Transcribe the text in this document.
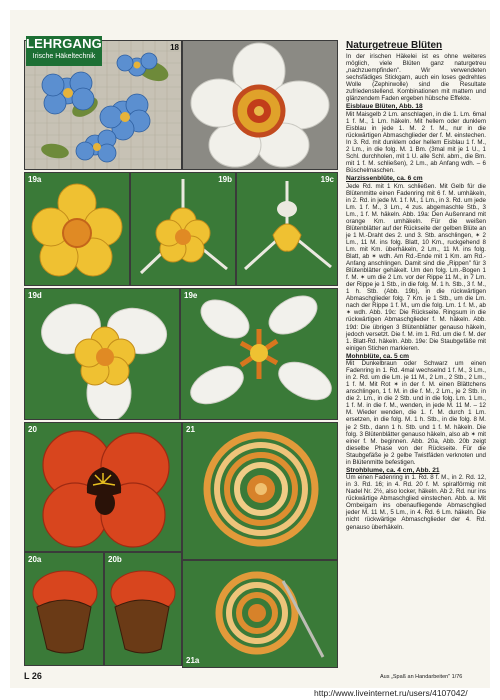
LEHRGANG
Irische Häkeltechnik
18
19a	19b	19c
19d	19e
20	21
20a	20b
21a
Naturgetreue Blüten

In der irischen Häkelei ist es ohne weiteres möglich, viele Blüten ganz naturgetreu „nachzuempfinden". Wir verwendeten sechsfädiges Stickgarn, auch ein loses gedrehtes Wolle (Zephirwolle) sind die Resultate zufriedenstellend. Kombinationen mit mattem und glänzendem Faden ergeben hübsche Effekte.

Eisblaue Blüten, Abb. 18

Mit Maisgelb 2 Lm. anschlagen, in die 1. Lm. 6mal 1 f. M., 1 Lm. häkeln. Mit hellem oder dunklem Eisblau in jede 1. M. 2 f. M., nur in die rückwärtigen Abmaschglieder der f. M. einstechen. In 3. Rd. mit dunklem oder hellem Eisblau 1 f. M., 2 Lm., in die folg. M. 1 Bm. (3mal mit je 1 U., 1 Schl. durchholen, mit 1 U. alle Schl. abm., die Bm. mit 1 f. M. schließen), 2 Lm., ab Anfang wdh. – 6 Büschelmaschen.

Narzissenblüte, ca. 6 cm

Jede Rd. mit 1 Km. schließen. Mit Gelb für die Blütenmitte einen Fadenring mit 6 f. M. umhäkeln, in 2. Rd. in jede M. 1 f. M., 1 Lm., in 3. Rd. um jede Lm. 1 f. M., 3 Lm., 4 zus. abgemaschte Stb., 3 Lm., 1 f. M. häkeln. Abb. 19a: Den Außenrand mit orange Km. umhäkeln. Für die weißen Blütenblätter auf der Rückseite der gelben Blüte an je 1 M.-Draht des 2. und 3. Stb. anschlingen, ✶ 2 Lm., 11 M. ins folg. Blatt, 10 Km., ruckgehend 8 Lm. mit Km. überhäkeln, 2 Lm., 11 M. ins folg. Blatt, ab ✶ wdh. Am Rd.-Ende mit 1 Km. am Rd.-Anfang anschlingen. Damit sind die „Rippen" für 3 Blütenblätter gehäkelt. Um den folg. Lm.-Bogen 1 f. M. ✶ um die 2 Lm. vor der Rippe 11 M., in 7 Lm. der Rippe je 1 Stb., in die folg. M. 1 h. Stb., 3 f. M., 1 h. Stb. (Abb. 19b), in die rückwärtigen Abmaschglieder folg. 7 Km. je 1 Stb., um die Lm. nach der Rippe 1 f. M., um die folg. Lm. 1 f. M., ab ✶ wdh. Abb. 19c: Die Rückseite. Ringsum in die rückwärtigen Abmaschglieder f. M. häkeln. Abb. 19d: Die übrigen 3 Blütenblätter genauso häkeln, jedoch versetzt. Die f. M. im 1. Rd. um die f. M. der 1. Blatt-Rd. häkeln. Abb. 19e: Die Staubgefäße mit einigen Stichen markieren.

Mohnblüte, ca. 5 cm

Mit Dunkelbraun oder Schwarz um einen Fadenring in 1. Rd. 4mal wechselnd 1 f. M., 3 Lm., in 2. Rd. um die Lm. je 11 M., 2 Lm., 2 Stb., 2 Lm., 1 f. M. Mit Rot ✶ in der f. M. einen Blättchens anschlingen, 1 f. M. in die f. M., 2 Lm., je 2 Stb. in die 2. Lm., in die 2 Stb. und in die folg. Lm. 1 Lm., 1 f. M. in die f. M., wenden, in jede M. 11 M. – 12 M. Wieder wenden, die 1. f. M. durch 1 Lm. ersetzen, in die folg. M. 1 h. Stb., in die folg. 8 M. je 2 Stb., dann 1 h. Stb. und 1 f. M. häkeln. Die folg. 3 Blütenblätter genauso häkeln, also ab ✶ mit einer f. M. beginnen. Abb. 20a, Abb. 20b zeigt dieselbe Phase von der Rückseite. Für die Staubgefäße je 2 gelbe Twistfäden verknoten und in Blütenmitte befestigen.

Strohblume, ca. 4 cm, Abb. 21

Um einen Fadenring in 1. Rd. 8 f. M., in 2. Rd. 12, in 3. Rd. 16; in 4. Rd. 20 f. M. spiralförmig mit Nadel Nr. 2½, also locker, häkeln. Ab 2. Rd. nur ins rückwärtige Abmaschglied einstechen. Abb. a. Mit Ornbeigarn ins obenaufliegende Abmaschglied jeder M. 11 M., 5 Lm., in 4. Rd. 6 Lm. häkeln. Die nicht rückwärtige Abmaschglieder der 4. Rd. genauso überhäkeln.

L 26	Aus „Spaß an Handarbeiten" 1/76
http://www.liveinternet.ru/users/4107042/
